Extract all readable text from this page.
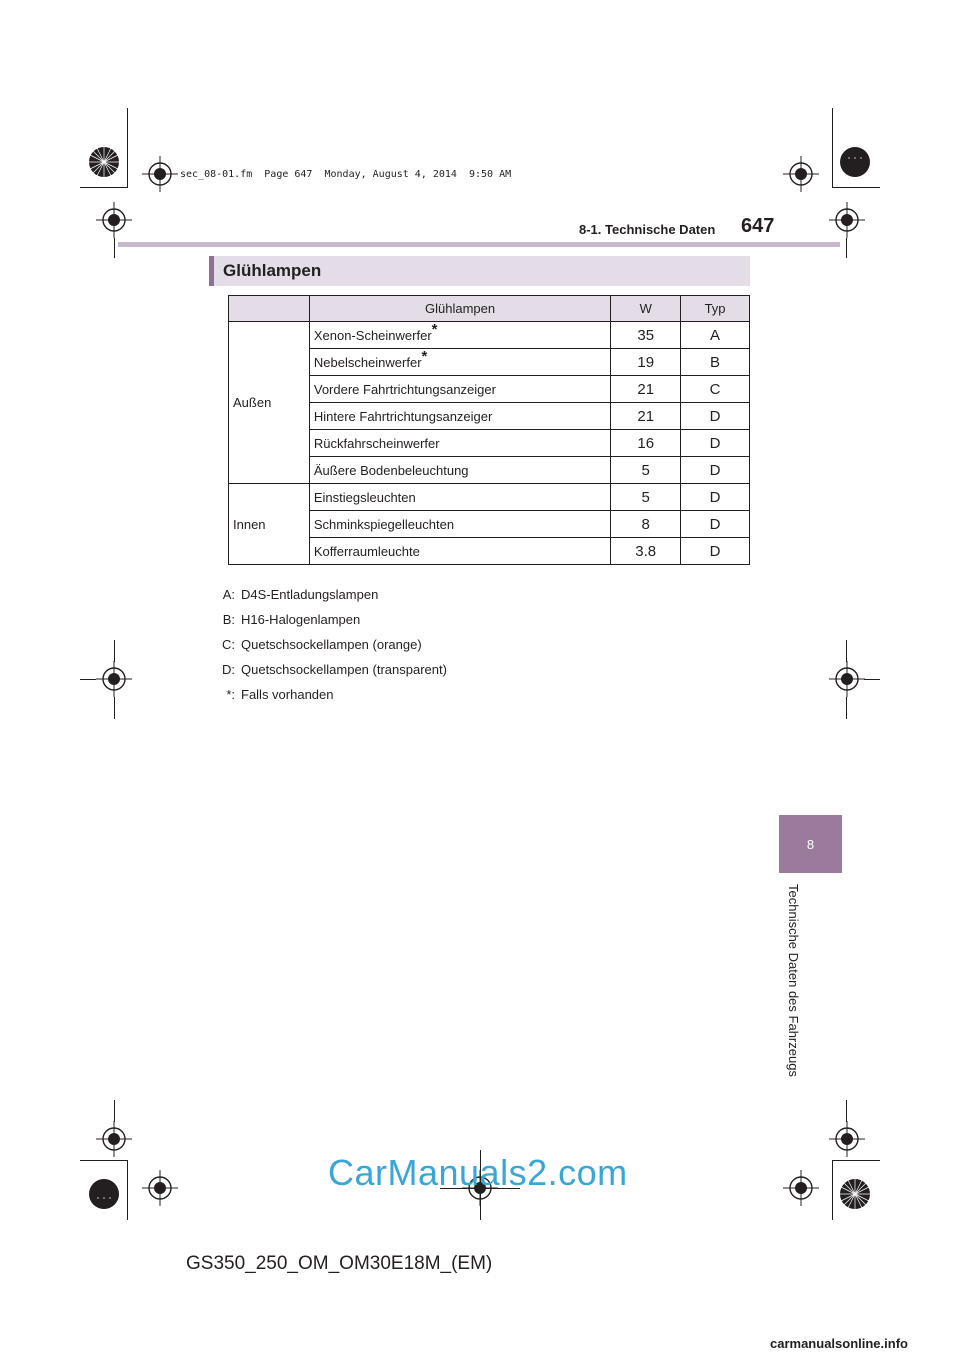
sec_08-01.fm  Page 647  Monday, August 4, 2014  9:50 AM
8-1. Technische Daten 647
Glühlampen
	Glühlampen	W	Typ
Außen	Xenon-Scheinwerfer*	35	A
	Nebelscheinwerfer*	19	B
	Vordere Fahrtrichtungsanzeiger	21	C
	Hintere Fahrtrichtungsanzeiger	21	D
	Rückfahrscheinwerfer	16	D
	Äußere Bodenbeleuchtung	5	D
Innen	Einstiegsleuchten	5	D
	Schminkspiegelleuchten	8	D
	Kofferraumleuchte	3.8	D
A: D4S-Entladungslampen
B: H16-Halogenlampen
C: Quetschsockellampen (orange)
D: Quetschsockellampen (transparent)
*: Falls vorhanden
8
Technische Daten des Fahrzeugs
CarManuals2.com
GS350_250_OM_OM30E18M_(EM)
carmanualsonline.info
